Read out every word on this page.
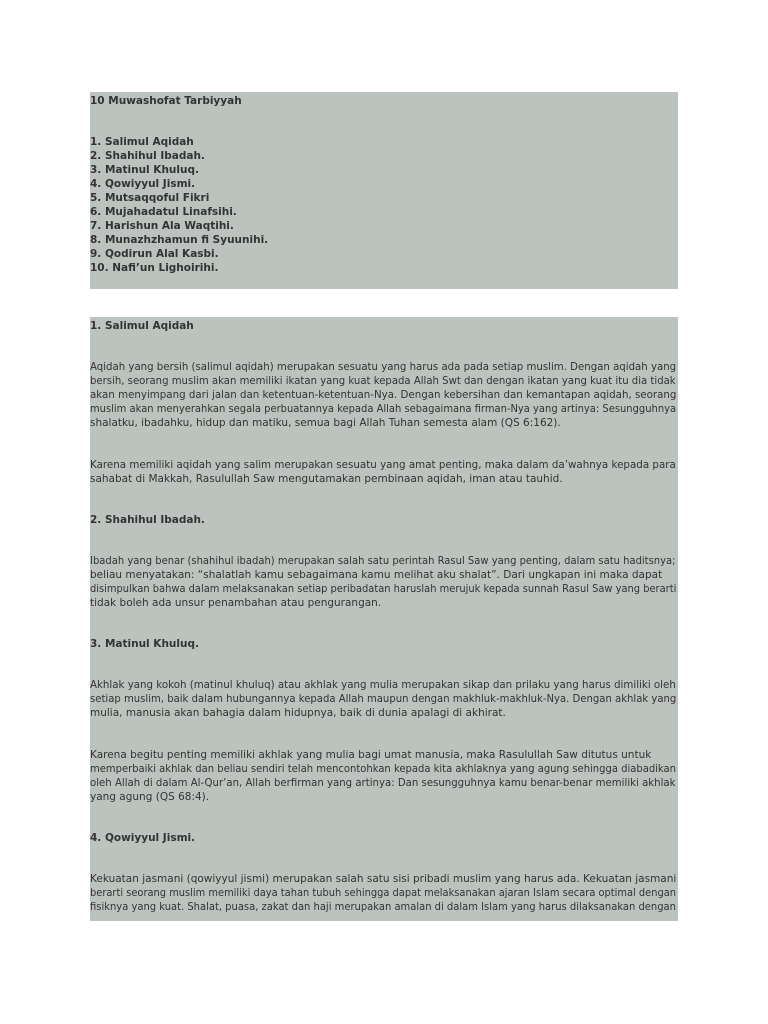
10 Muwashofat Tarbiyyah
1. Salimul Aqidah
2. Shahihul Ibadah.
3. Matinul Khuluq.
4. Qowiyyul Jismi.
5. Mutsaqqoful Fikri
6. Mujahadatul Linafsihi.
7. Harishun Ala Waqtihi.
8. Munazhzhamun fi Syuunihi.
9. Qodirun Alal Kasbi.
10. Nafi’un Lighoirihi.

1. Salimul Aqidah

Aqidah yang bersih (salimul aqidah) merupakan sesuatu yang harus ada pada setiap muslim. Dengan aqidah yang
bersih, seorang muslim akan memiliki ikatan yang kuat kepada Allah Swt dan dengan ikatan yang kuat itu dia tidak
akan menyimpang dari jalan dan ketentuan-ketentuan-Nya. Dengan kebersihan dan kemantapan aqidah, seorang
muslim akan menyerahkan segala perbuatannya kepada Allah sebagaimana firman-Nya yang artinya: Sesungguhnya
shalatku, ibadahku, hidup dan matiku, semua bagi Allah Tuhan semesta alam (QS 6:162).
Karena memiliki aqidah yang salim merupakan sesuatu yang amat penting, maka dalam da’wahnya kepada para
sahabat di Makkah, Rasulullah Saw mengutamakan pembinaan aqidah, iman atau tauhid.

2. Shahihul Ibadah.

Ibadah yang benar (shahihul ibadah) merupakan salah satu perintah Rasul Saw yang penting, dalam satu haditsnya;
beliau menyatakan: “shalatlah kamu sebagaimana kamu melihat aku shalat”. Dari ungkapan ini maka dapat
disimpulkan bahwa dalam melaksanakan setiap peribadatan haruslah merujuk kepada sunnah Rasul Saw yang berarti
tidak boleh ada unsur penambahan atau pengurangan.

3. Matinul Khuluq.

Akhlak yang kokoh (matinul khuluq) atau akhlak yang mulia merupakan sikap dan prilaku yang harus dimiliki oleh
setiap muslim, baik dalam hubungannya kepada Allah maupun dengan makhluk-makhluk-Nya. Dengan akhlak yang
mulia, manusia akan bahagia dalam hidupnya, baik di dunia apalagi di akhirat.
Karena begitu penting memiliki akhlak yang mulia bagi umat manusia, maka Rasulullah Saw ditutus untuk
memperbaiki akhlak dan beliau sendiri telah mencontohkan kepada kita akhlaknya yang agung sehingga diabadikan
oleh Allah di dalam Al-Qur’an, Allah berfirman yang artinya: Dan sesungguhnya kamu benar-benar memiliki akhlak
yang agung (QS 68:4).

4. Qowiyyul Jismi.

Kekuatan jasmani (qowiyyul jismi) merupakan salah satu sisi pribadi muslim yang harus ada. Kekuatan jasmani
berarti seorang muslim memiliki daya tahan tubuh sehingga dapat melaksanakan ajaran Islam secara optimal dengan
fisiknya yang kuat. Shalat, puasa, zakat dan haji merupakan amalan di dalam Islam yang harus dilaksanakan dengan
